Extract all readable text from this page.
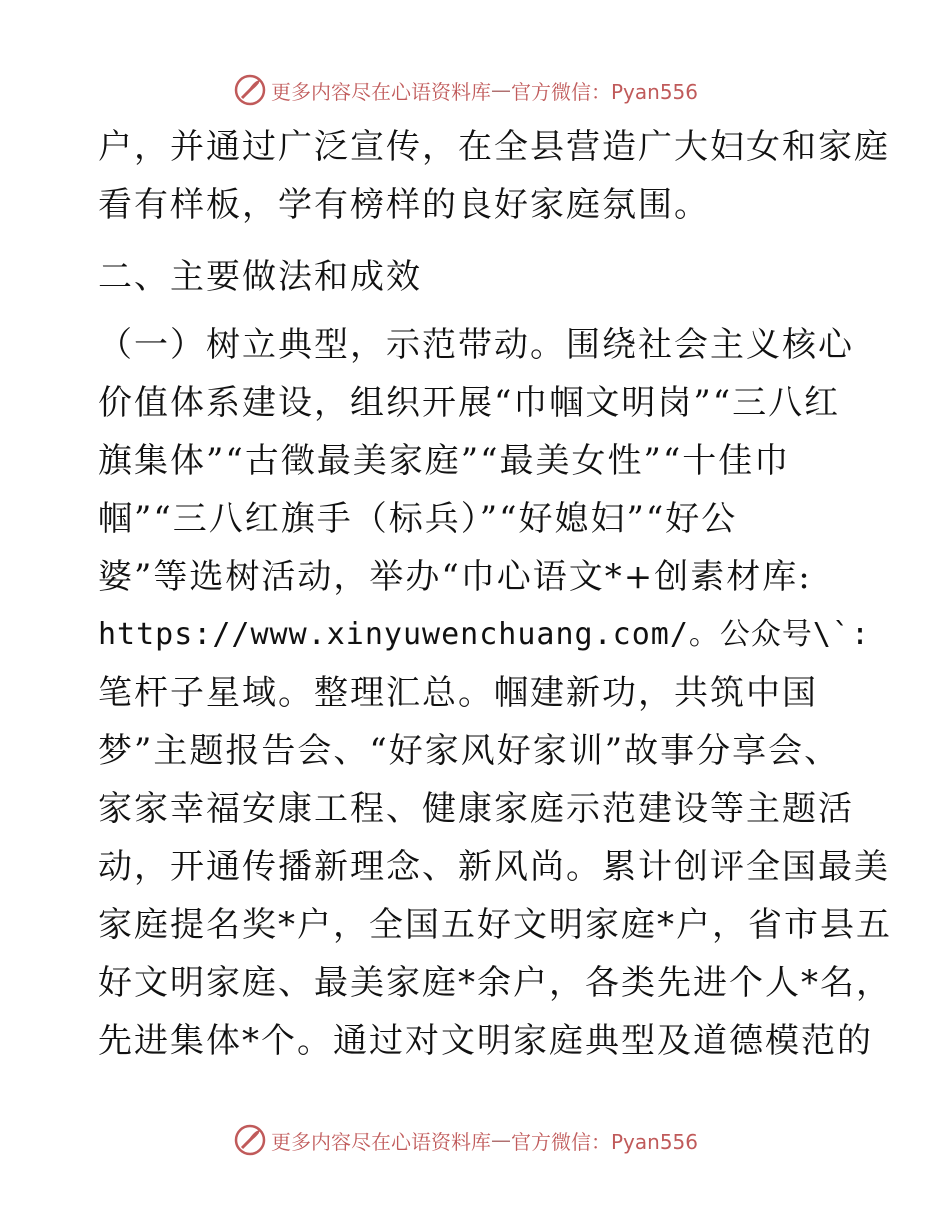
更多内容尽在心语资料库 — 官方微信：Pyan556
户，并通过广泛宣传，在全县营造广大妇女和家庭
看有样板，学有榜样的良好家庭氛围。
二、主要做法和成效
（一）树立典型，示范带动。围绕社会主义核心
价值体系建设，组织开展“巾帼文明岗”“三八红
旗集体”“古徵最美家庭”“最美女性”“十佳巾
帼”“三八红旗手（标兵）”“好媳妇”“好公
婆”等选树活动，举办“巾心语文*+创素材库:
https://www.xinyuwenchuang.com/。公众号\`:
笔杆子星域。整理汇总。帼建新功，共筑中国
梦”主题报告会、“好家风好家训”故事分享会、
家家幸福安康工程、健康家庭示范建设等主题活
动，开通传播新理念、新风尚。累计创评全国最美
家庭提名奖*户，全国五好文明家庭*户，省市县五
好文明家庭、最美家庭*余户，各类先进个人*名，
先进集体*个。通过对文明家庭典型及道德模范的
更多内容尽在心语资料库 — 官方微信：Pyan556
